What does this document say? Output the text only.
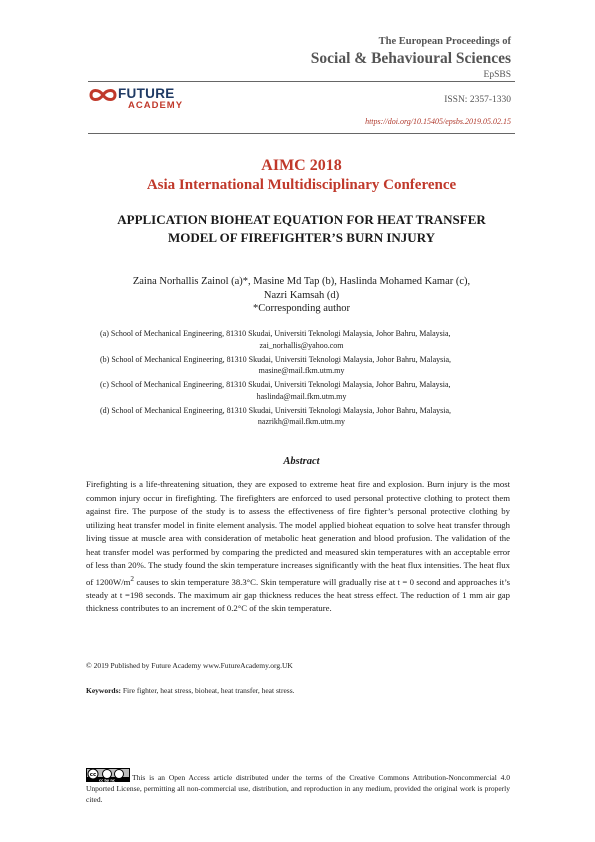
The European Proceedings of
Social & Behavioural Sciences
EpSBS
FUTURE
ACADEMY	ISSN: 2357-1330
https://doi.org/10.15405/epsbs.2019.05.02.15
AIMC 2018
Asia International Multidisciplinary Conference
APPLICATION BIOHEAT EQUATION FOR HEAT TRANSFER
MODEL OF FIREFIGHTER’S BURN INJURY
Zaina Norhallis Zainol (a)*, Masine Md Tap (b), Haslinda Mohamed Kamar (c),
Nazri Kamsah (d)
*Corresponding author
(a) School of Mechanical Engineering, 81310 Skudai, Universiti Teknologi Malaysia, Johor Bahru, Malaysia,
zai_norhallis@yahoo.com
(b) School of Mechanical Engineering, 81310 Skudai, Universiti Teknologi Malaysia, Johor Bahru, Malaysia,
masine@mail.fkm.utm.my
(c) School of Mechanical Engineering, 81310 Skudai, Universiti Teknologi Malaysia, Johor Bahru, Malaysia,
haslinda@mail.fkm.utm.my
(d) School of Mechanical Engineering, 81310 Skudai, Universiti Teknologi Malaysia, Johor Bahru, Malaysia,
nazrikh@mail.fkm.utm.my
Abstract

Firefighting is a life-threatening situation, they are exposed to extreme heat fire and explosion. Burn injury is the most common injury occur in firefighting. The firefighters are enforced to used personal protective clothing to protect them against fire. The purpose of the study is to assess the effectiveness of fire fighter’s personal protective clothing by utilizing heat transfer model in finite element analysis. The model applied bioheat equation to solve heat transfer through living tissue at muscle area with consideration of metabolic heat generation and blood profusion. The validation of the heat transfer model was performed by comparing the predicted and measured skin temperatures with an acceptable error of less than 20%. The study found the skin temperature increases significantly with the heat flux intensities. The heat flux of $1200W/m^2$ causes to skin temperature 38.3°C. Skin temperature will gradually rise at t = 0 second and approaches it’s steady at t =198 seconds. The maximum air gap thickness reduces the heat stress effect. The reduction of 1 mm air gap thickness contributes to an increment of 0.2°C of the skin temperature.

© 2019 Published by Future Academy www.FutureAcademy.org.UK
Keywords: Fire fighter, heat stress, bioheat, heat transfer, heat stress.
cc
cc by nc This is an Open Access article distributed under the terms of the Creative Commons Attribution-Noncommercial 4.0 Unported License, permitting all non-commercial use, distribution, and reproduction in any medium, provided the original work is properly cited.
